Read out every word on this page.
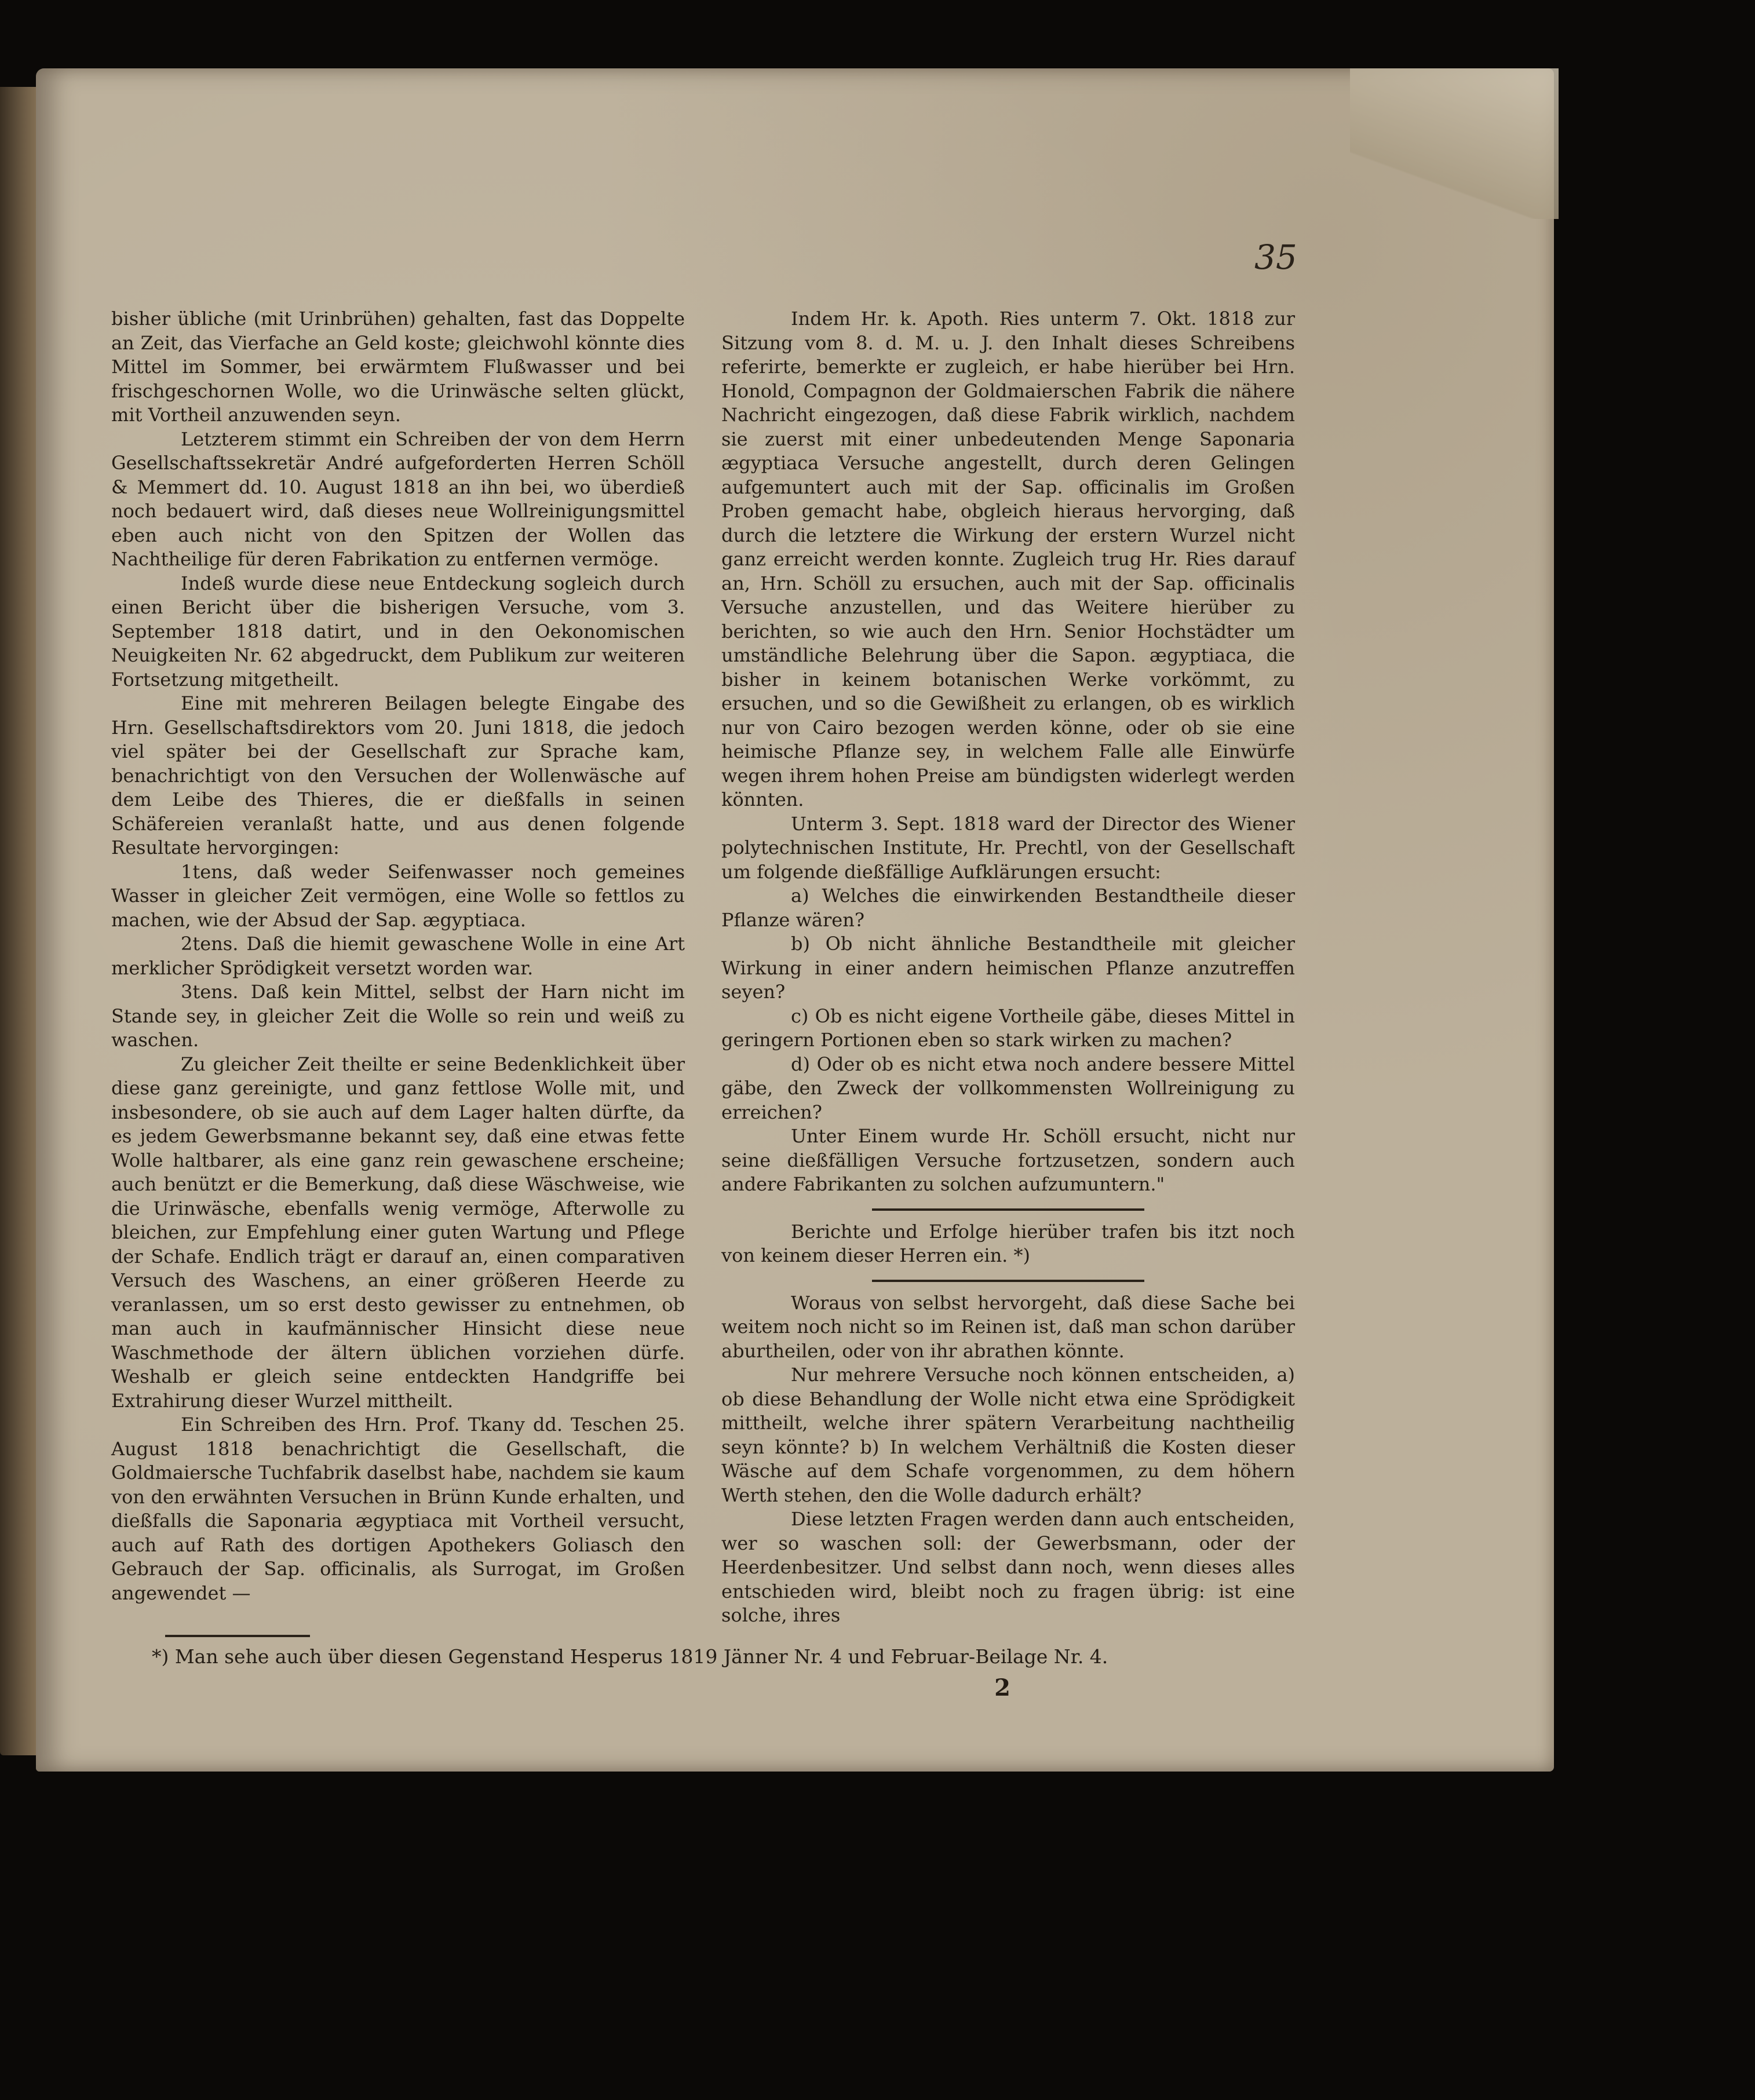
35

bisher übliche (mit Urinbrühen) gehalten, fast das Doppelte an Zeit, das Vierfache an Geld koste; gleichwohl könnte dies Mittel im Sommer, bei erwärmtem Flußwasser und bei frischgeschornen Wolle, wo die Urinwäsche selten glückt, mit Vortheil anzuwenden seyn.

Letzterem stimmt ein Schreiben der von dem Herrn Gesellschaftssekretär André aufgeforderten Herren Schöll & Memmert dd. 10. August 1818 an ihn bei, wo überdieß noch bedauert wird, daß dieses neue Wollreinigungsmittel eben auch nicht von den Spitzen der Wollen das Nachtheilige für deren Fabrikation zu entfernen vermöge.

Indeß wurde diese neue Entdeckung sogleich durch einen Bericht über die bisherigen Versuche, vom 3. September 1818 datirt, und in den Oekonomischen Neuigkeiten Nr. 62 abgedruckt, dem Publikum zur weiteren Fortsetzung mitgetheilt.

Eine mit mehreren Beilagen belegte Eingabe des Hrn. Gesellschaftsdirektors vom 20. Juni 1818, die jedoch viel später bei der Gesellschaft zur Sprache kam, benachrichtigt von den Versuchen der Wollenwäsche auf dem Leibe des Thieres, die er dießfalls in seinen Schäfereien veranlaßt hatte, und aus denen folgende Resultate hervorgingen:

1tens, daß weder Seifenwasser noch gemeines Wasser in gleicher Zeit vermögen, eine Wolle so fettlos zu machen, wie der Absud der Sap. ægyptiaca.

2tens. Daß die hiemit gewaschene Wolle in eine Art merklicher Sprödigkeit versetzt worden war.

3tens. Daß kein Mittel, selbst der Harn nicht im Stande sey, in gleicher Zeit die Wolle so rein und weiß zu waschen.

Zu gleicher Zeit theilte er seine Bedenklichkeit über diese ganz gereinigte, und ganz fettlose Wolle mit, und insbesondere, ob sie auch auf dem Lager halten dürfte, da es jedem Gewerbsmanne bekannt sey, daß eine etwas fette Wolle haltbarer, als eine ganz rein gewaschene erscheine; auch benützt er die Bemerkung, daß diese Wäschweise, wie die Urinwäsche, ebenfalls wenig vermöge, Afterwolle zu bleichen, zur Empfehlung einer guten Wartung und Pflege der Schafe. Endlich trägt er darauf an, einen comparativen Versuch des Waschens, an einer größeren Heerde zu veranlassen, um so erst desto gewisser zu entnehmen, ob man auch in kaufmännischer Hinsicht diese neue Waschmethode der ältern üblichen vorziehen dürfe. Weshalb er gleich seine entdeckten Handgriffe bei Extrahirung dieser Wurzel mittheilt.

Ein Schreiben des Hrn. Prof. Tkany dd. Teschen 25. August 1818 benachrichtigt die Gesellschaft, die Goldmaiersche Tuchfabrik daselbst habe, nachdem sie kaum von den erwähnten Versuchen in Brünn Kunde erhalten, und dießfalls die Saponaria ægyptiaca mit Vortheil versucht, auch auf Rath des dortigen Apothekers Goliasch den Gebrauch der Sap. officinalis, als Surrogat, im Großen angewendet —

Indem Hr. k. Apoth. Ries unterm 7. Okt. 1818 zur Sitzung vom 8. d. M. u. J. den Inhalt dieses Schreibens referirte, bemerkte er zugleich, er habe hierüber bei Hrn. Honold, Compagnon der Goldmaierschen Fabrik die nähere Nachricht eingezogen, daß diese Fabrik wirklich, nachdem sie zuerst mit einer unbedeutenden Menge Saponaria ægyptiaca Versuche angestellt, durch deren Gelingen aufgemuntert auch mit der Sap. officinalis im Großen Proben gemacht habe, obgleich hieraus hervorging, daß durch die letztere die Wirkung der erstern Wurzel nicht ganz erreicht werden konnte. Zugleich trug Hr. Ries darauf an, Hrn. Schöll zu ersuchen, auch mit der Sap. officinalis Versuche anzustellen, und das Weitere hierüber zu berichten, so wie auch den Hrn. Senior Hochstädter um umständliche Belehrung über die Sapon. ægyptiaca, die bisher in keinem botanischen Werke vorkömmt, zu ersuchen, und so die Gewißheit zu erlangen, ob es wirklich nur von Cairo bezogen werden könne, oder ob sie eine heimische Pflanze sey, in welchem Falle alle Einwürfe wegen ihrem hohen Preise am bündigsten widerlegt werden könnten.

Unterm 3. Sept. 1818 ward der Director des Wiener polytechnischen Institute, Hr. Prechtl, von der Gesellschaft um folgende dießfällige Aufklärungen ersucht:

a) Welches die einwirkenden Bestandtheile dieser Pflanze wären?

b) Ob nicht ähnliche Bestandtheile mit gleicher Wirkung in einer andern heimischen Pflanze anzutreffen seyen?

c) Ob es nicht eigene Vortheile gäbe, dieses Mittel in geringern Portionen eben so stark wirken zu machen?

d) Oder ob es nicht etwa noch andere bessere Mittel gäbe, den Zweck der vollkommensten Wollreinigung zu erreichen?

Unter Einem wurde Hr. Schöll ersucht, nicht nur seine dießfälligen Versuche fortzusetzen, sondern auch andere Fabrikanten zu solchen aufzumuntern."

Berichte und Erfolge hierüber trafen bis itzt noch von keinem dieser Herren ein. *)

Woraus von selbst hervorgeht, daß diese Sache bei weitem noch nicht so im Reinen ist, daß man schon darüber aburtheilen, oder von ihr abrathen könnte.

Nur mehrere Versuche noch können entscheiden, a) ob diese Behandlung der Wolle nicht etwa eine Sprödigkeit mittheilt, welche ihrer spätern Verarbeitung nachtheilig seyn könnte? b) In welchem Verhältniß die Kosten dieser Wäsche auf dem Schafe vorgenommen, zu dem höhern Werth stehen, den die Wolle dadurch erhält?

Diese letzten Fragen werden dann auch entscheiden, wer so waschen soll: der Gewerbsmann, oder der Heerdenbesitzer. Und selbst dann noch, wenn dieses alles entschieden wird, bleibt noch zu fragen übrig: ist eine solche, ihres

*) Man sehe auch über diesen Gegenstand Hesperus 1819 Jänner Nr. 4 und Februar-Beilage Nr. 4.
2
